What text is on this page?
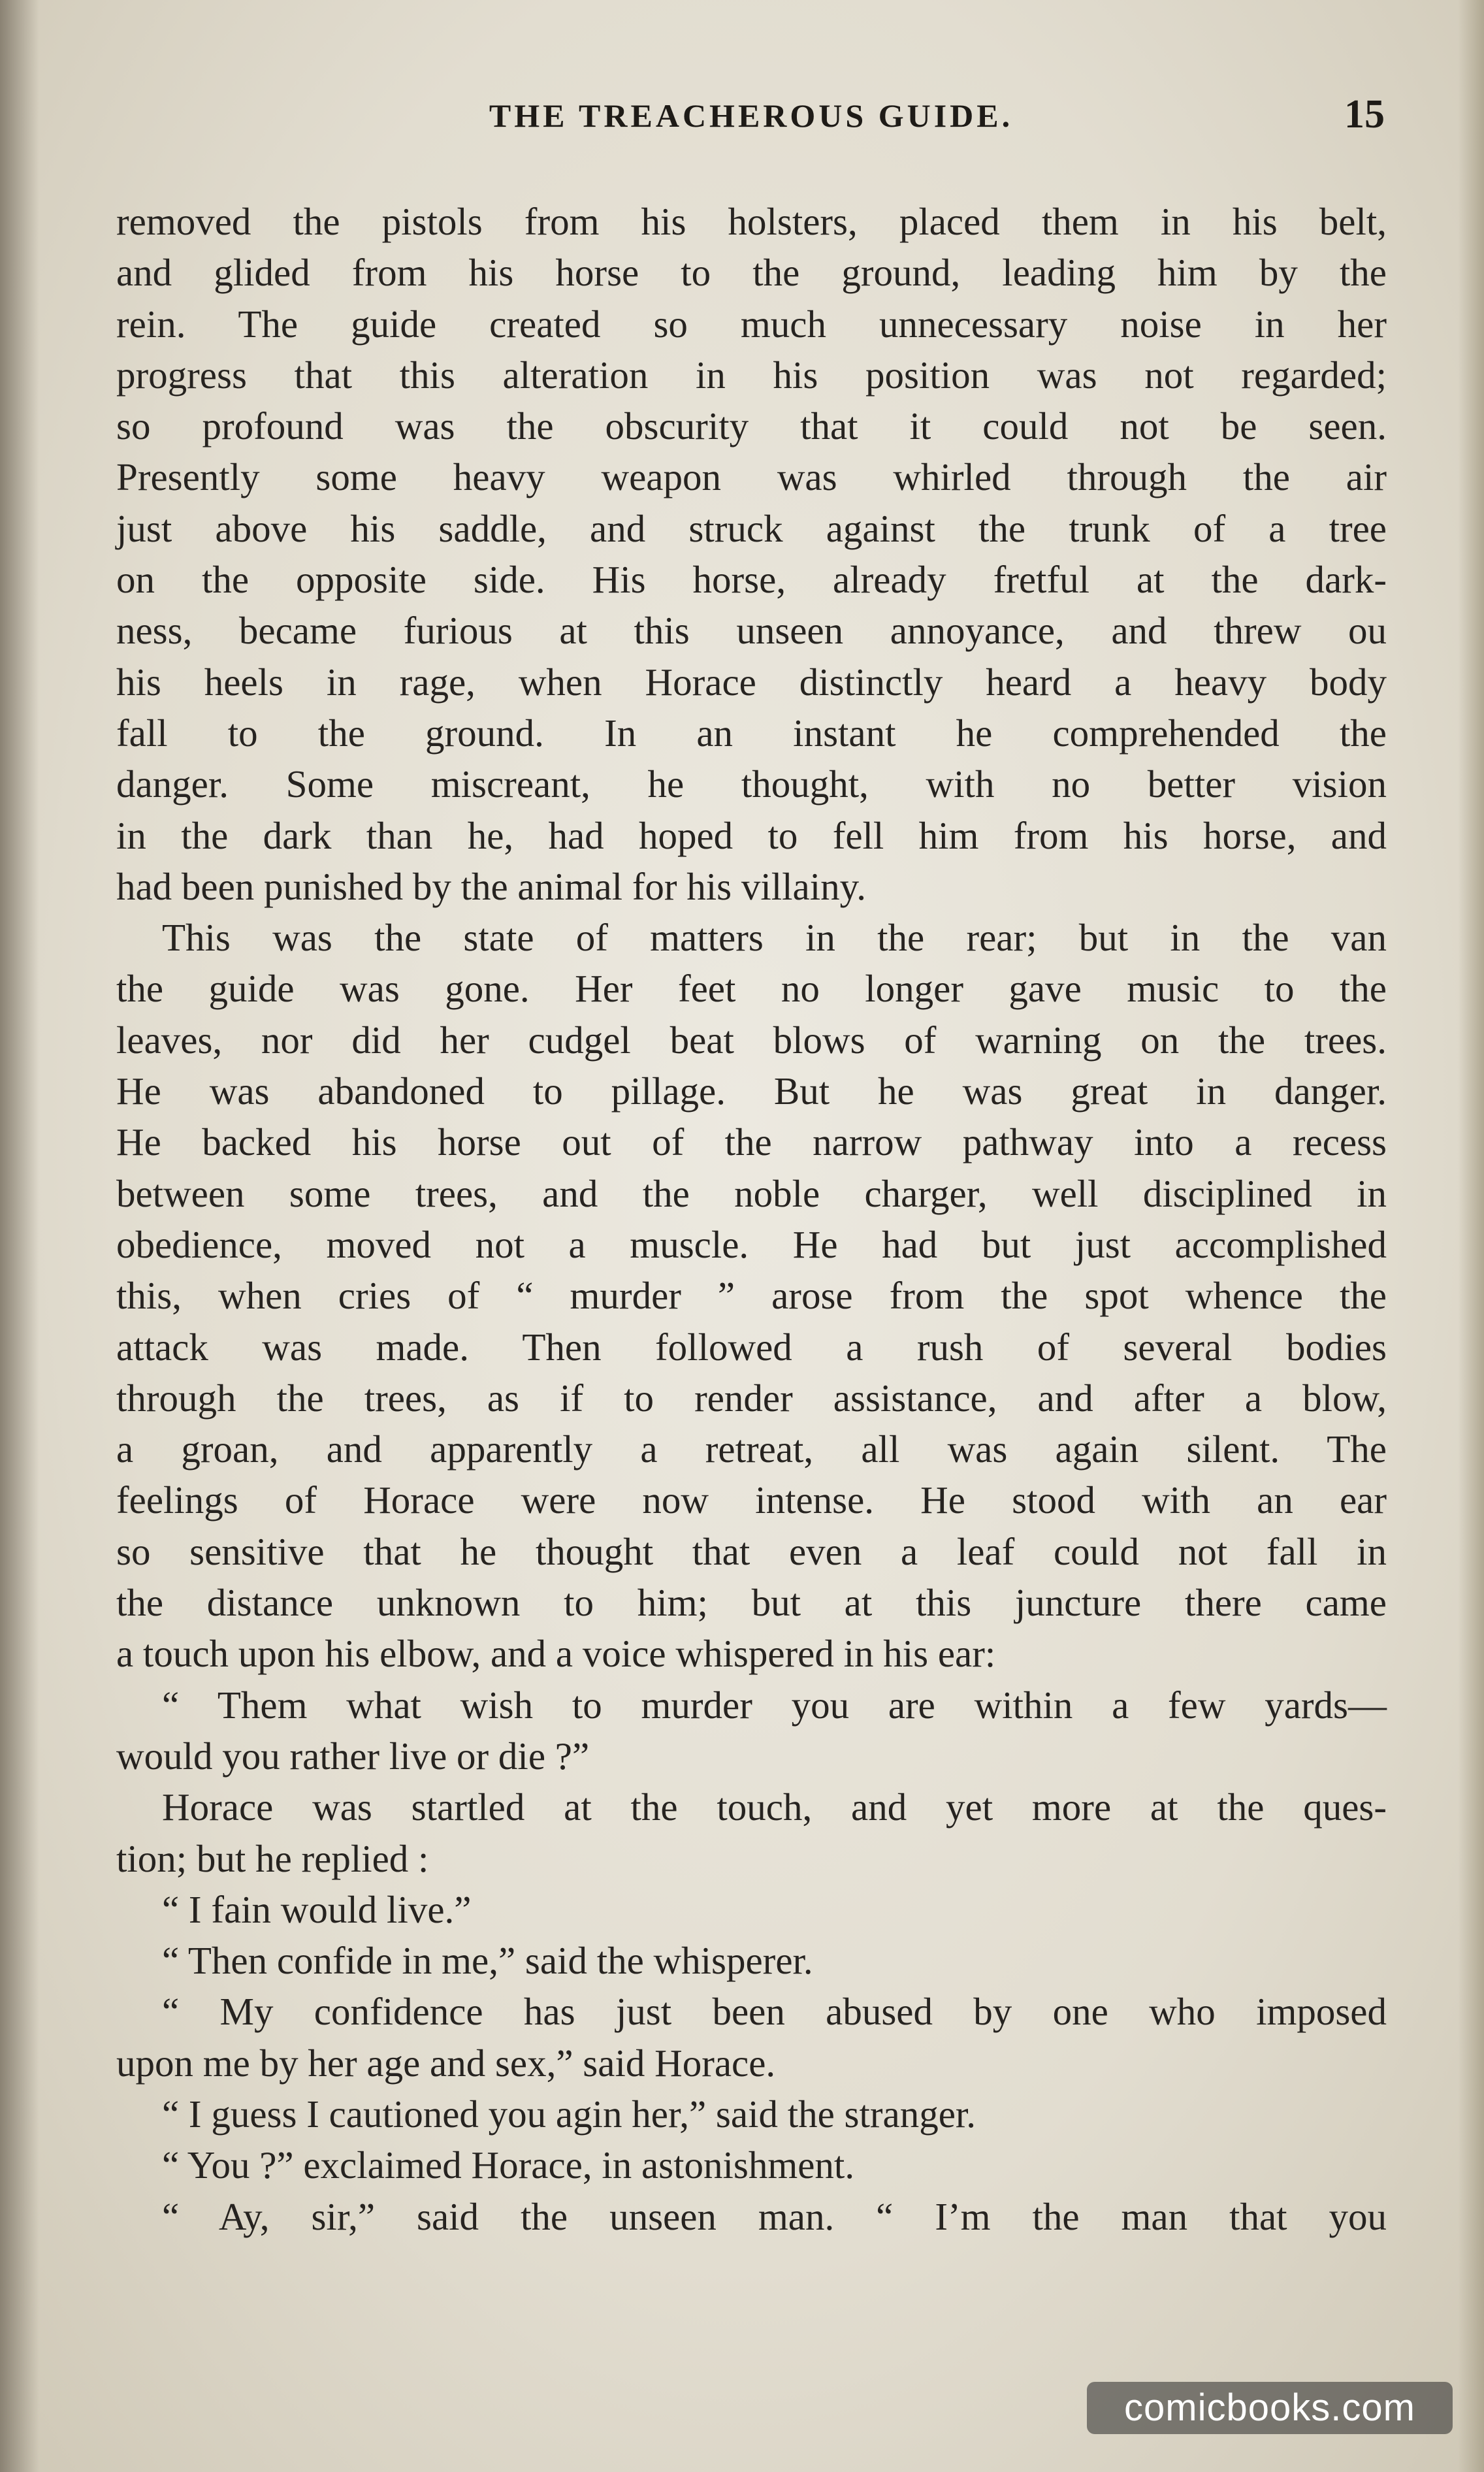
THE TREACHEROUS GUIDE.	15

removed the pistols from his holsters, placed them in his belt,

and glided from his horse to the ground, leading him by the

rein. The guide created so much unnecessary noise in her

progress that this alteration in his position was not regarded;

so profound was the obscurity that it could not be seen.

Presently some heavy weapon was whirled through the air

just above his saddle, and struck against the trunk of a tree

on the opposite side. His horse, already fretful at the dark-

ness, became furious at this unseen annoyance, and threw ou

his heels in rage, when Horace distinctly heard a heavy body

fall to the ground. In an instant he comprehended the

danger. Some miscreant, he thought, with no better vision

in the dark than he, had hoped to fell him from his horse, and

had been punished by the animal for his villainy.

This was the state of matters in the rear; but in the van

the guide was gone. Her feet no longer gave music to the

leaves, nor did her cudgel beat blows of warning on the trees.

He was abandoned to pillage. But he was great in danger.

He backed his horse out of the narrow pathway into a recess

between some trees, and the noble charger, well disciplined in

obedience, moved not a muscle. He had but just accomplished

this, when cries of “ murder ” arose from the spot whence the

attack was made. Then followed a rush of several bodies

through the trees, as if to render assistance, and after a blow,

a groan, and apparently a retreat, all was again silent. The

feelings of Horace were now intense. He stood with an ear

so sensitive that he thought that even a leaf could not fall in

the distance unknown to him; but at this juncture there came

a touch upon his elbow, and a voice whispered in his ear:

“ Them what wish to murder you are within a few yards—

would you rather live or die ?”

Horace was startled at the touch, and yet more at the ques-

tion; but he replied :

“ I fain would live.”

“ Then confide in me,” said the whisperer.

“ My confidence has just been abused by one who imposed

upon me by her age and sex,” said Horace.

“ I guess I cautioned you agin her,” said the stranger.

“ You ?” exclaimed Horace, in astonishment.

“ Ay, sir,” said the unseen man. “ I’m the man that you

comicbooks.com
